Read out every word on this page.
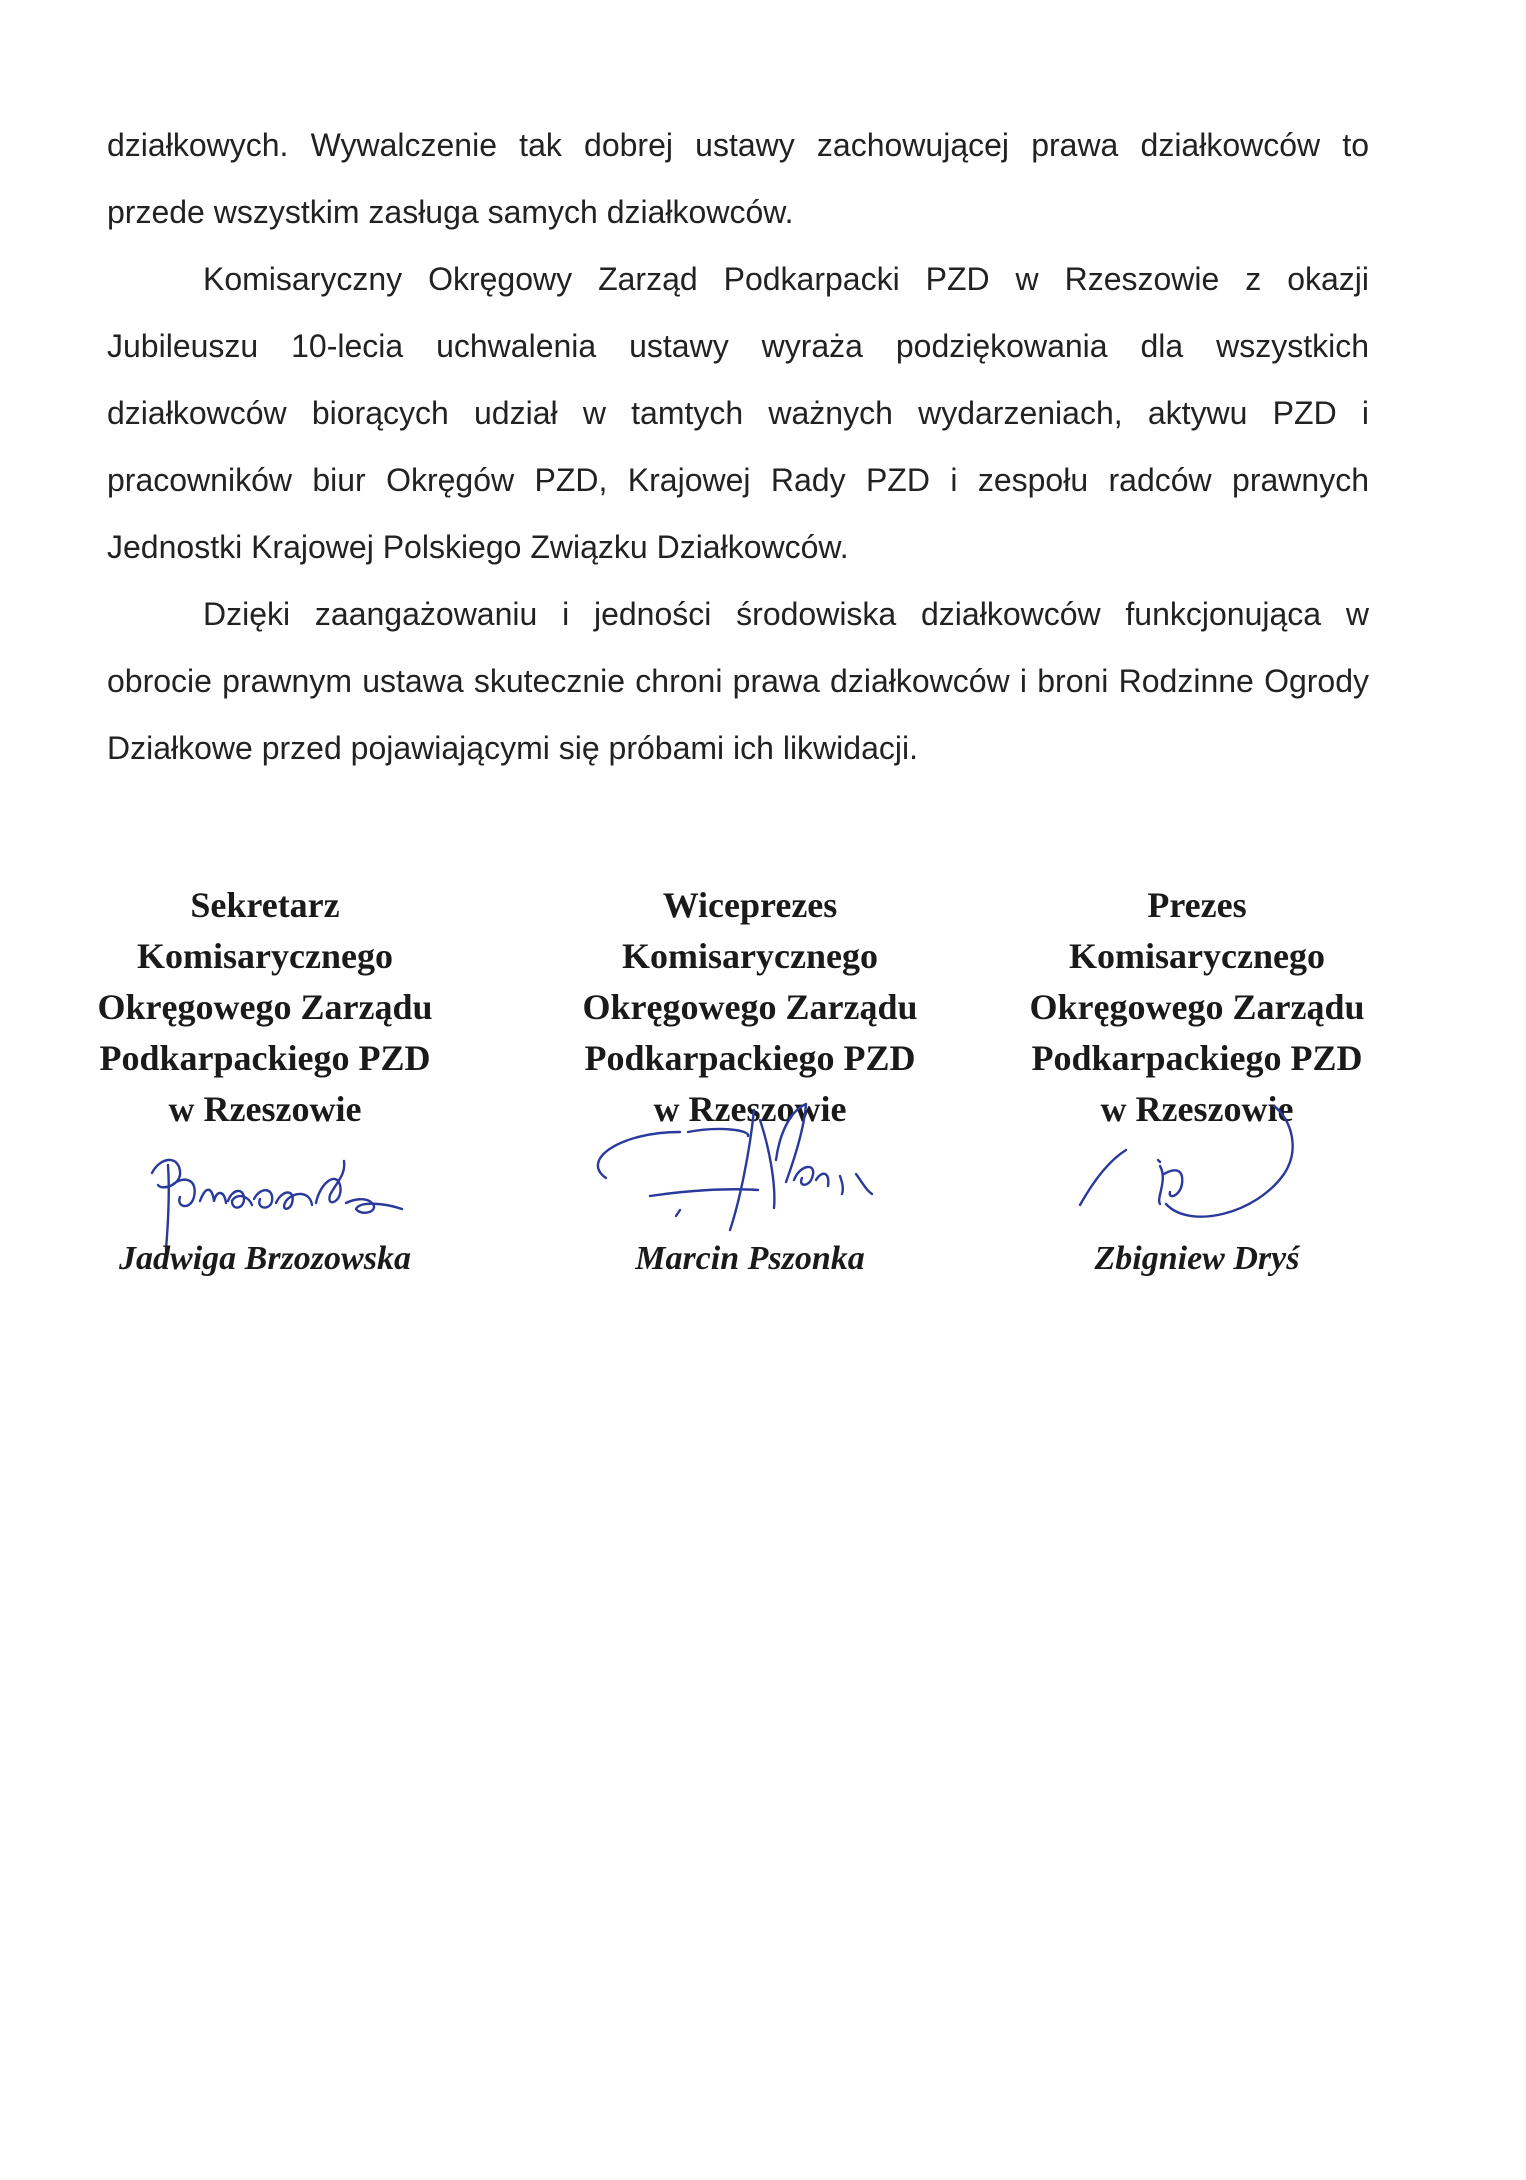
działkowych. Wywalczenie tak dobrej ustawy zachowującej prawa działkowców to przede wszystkim zasługa samych działkowców.

Komisaryczny Okręgowy Zarząd Podkarpacki PZD w Rzeszowie z okazji Jubileuszu 10-lecia uchwalenia ustawy wyraża podziękowania dla wszystkich działkowców biorących udział w tamtych ważnych wydarzeniach, aktywu PZD i pracowników biur Okręgów PZD, Krajowej Rady PZD i zespołu radców prawnych Jednostki Krajowej Polskiego Związku Działkowców.

Dzięki zaangażowaniu i jedności środowiska działkowców funkcjonująca w obrocie prawnym ustawa skutecznie chroni prawa działkowców i broni Rodzinne Ogrody Działkowe przed pojawiającymi się próbami ich likwidacji.

Sekretarz
Komisarycznego
Okręgowego Zarządu
Podkarpackiego PZD
w Rzeszowie
Wiceprezes
Komisarycznego
Okręgowego Zarządu
Podkarpackiego PZD
w Rzeszowie
Prezes
Komisarycznego
Okręgowego Zarządu
Podkarpackiego PZD
w Rzeszowie
Jadwiga Brzozowska	Marcin Pszonka	Zbigniew Dryś
